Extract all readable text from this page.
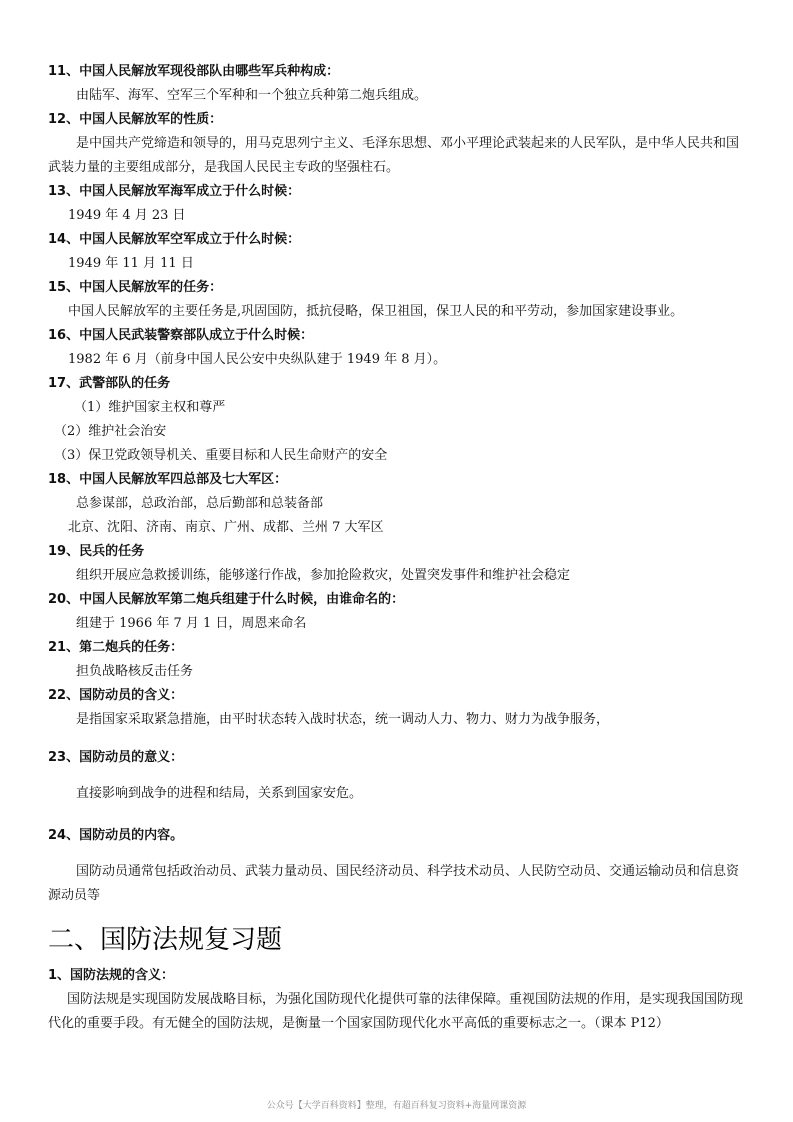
11、中国人民解放军现役部队由哪些军兵种构成：
由陆军、海军、空军三个军种和一个独立兵种第二炮兵组成。
12、中国人民解放军的性质：
是中国共产党缔造和领导的，用马克思列宁主义、毛泽东思想、邓小平理论武装起来的人民军队，是中华人民共和国武装力量的主要组成部分，是我国人民民主专政的坚强柱石。
13、中国人民解放军海军成立于什么时候：
1949 年 4 月 23 日
14、中国人民解放军空军成立于什么时候：
1949 年 11 月 11 日
15、中国人民解放军的任务：
中国人民解放军的主要任务是,巩固国防，抵抗侵略，保卫祖国，保卫人民的和平劳动，参加国家建设事业。
16、中国人民武装警察部队成立于什么时候：
1982 年 6 月（前身中国人民公安中央纵队建于 1949 年 8 月）。
17、武警部队的任务
（1）维护国家主权和尊严
（2）维护社会治安
（3）保卫党政领导机关、重要目标和人民生命财产的安全
18、中国人民解放军四总部及七大军区：
总参谋部，总政治部，总后勤部和总装备部
北京、沈阳、济南、南京、广州、成都、兰州 7 大军区
19、民兵的任务
组织开展应急救援训练，能够遂行作战，参加抢险救灾，处置突发事件和维护社会稳定
20、中国人民解放军第二炮兵组建于什么时候，由谁命名的：
组建于 1966 年 7 月 1 日，周恩来命名
21、第二炮兵的任务：
担负战略核反击任务
22、国防动员的含义：
是指国家采取紧急措施，由平时状态转入战时状态，统一调动人力、物力、财力为战争服务，
23、国防动员的意义：
直接影响到战争的进程和结局，关系到国家安危。
24、国防动员的内容。
国防动员通常包括政治动员、武装力量动员、国民经济动员、科学技术动员、人民防空动员、交通运输动员和信息资源动员等
二、国防法规复习题
1、国防法规的含义：
国防法规是实现国防发展战略目标，为强化国防现代化提供可靠的法律保障。重视国防法规的作用，是实现我国国防现代化的重要手段。有无健全的国防法规，是衡量一个国家国防现代化水平高低的重要标志之一。（课本 P12）
公众号【大学百科资料】整理，有超百科复习资料+海量网课资源
